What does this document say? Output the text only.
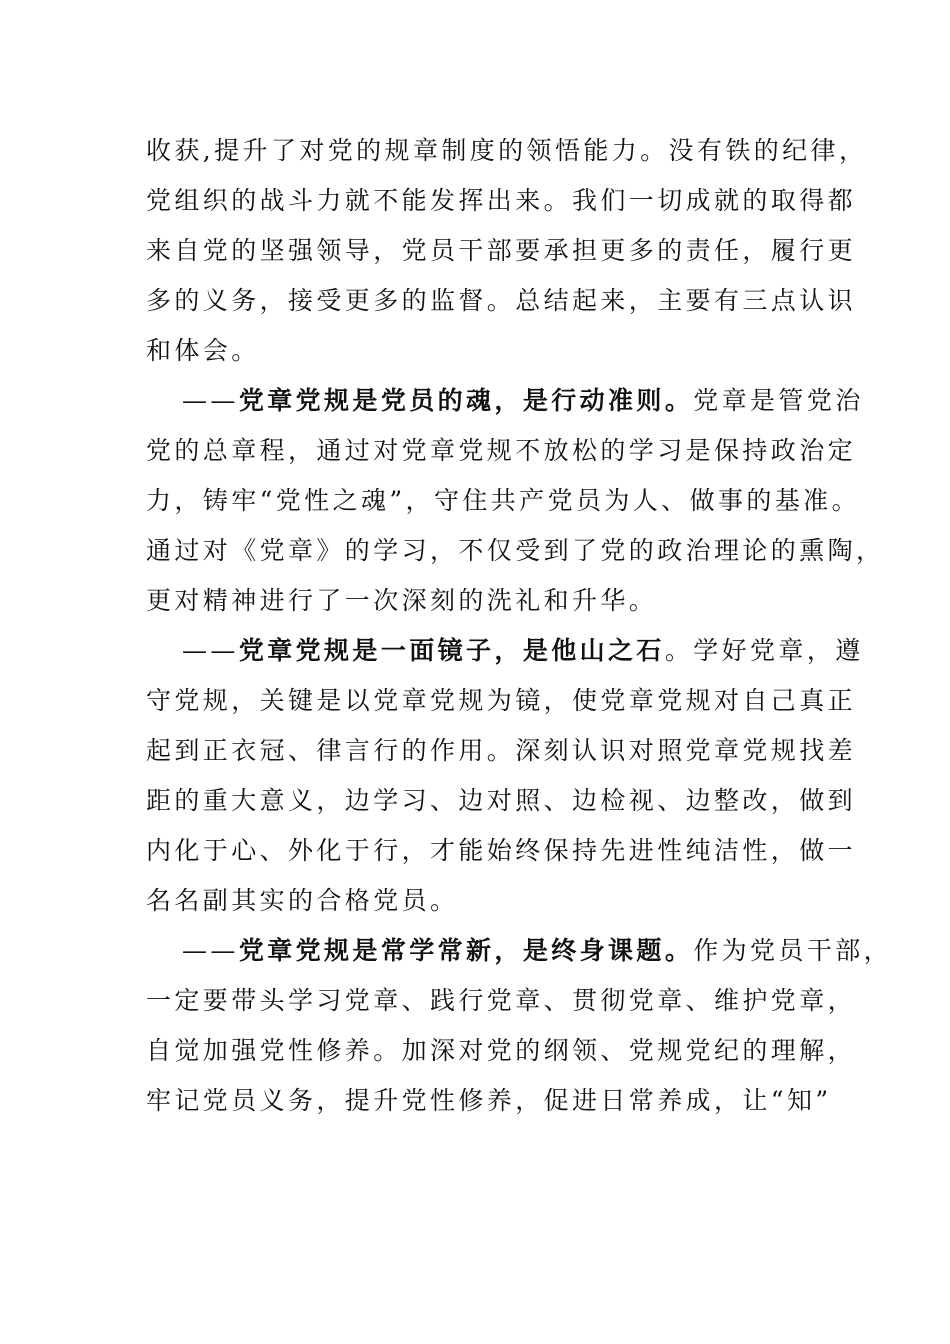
收获,提升了对党的规章制度的领悟能力。没有铁的纪律，
党组织的战斗力就不能发挥出来。我们一切成就的取得都
来自党的坚强领导，党员干部要承担更多的责任，履行更
多的义务，接受更多的监督。总结起来，主要有三点认识
和体会。
——党章党规是党员的魂，是行动准则。党章是管党治
党的总章程，通过对党章党规不放松的学习是保持政治定
力，铸牢“党性之魂”，守住共产党员为人、做事的基准。
通过对《党章》的学习，不仅受到了党的政治理论的熏陶，
更对精神进行了一次深刻的洗礼和升华。
——党章党规是一面镜子，是他山之石。学好党章，遵
守党规，关键是以党章党规为镜，使党章党规对自己真正
起到正衣冠、律言行的作用。深刻认识对照党章党规找差
距的重大意义，边学习、边对照、边检视、边整改，做到
内化于心、外化于行，才能始终保持先进性纯洁性，做一
名名副其实的合格党员。
——党章党规是常学常新，是终身课题。作为党员干部，
一定要带头学习党章、践行党章、贯彻党章、维护党章，
自觉加强党性修养。加深对党的纲领、党规党纪的理解，
牢记党员义务，提升党性修养，促进日常养成，让“知”
